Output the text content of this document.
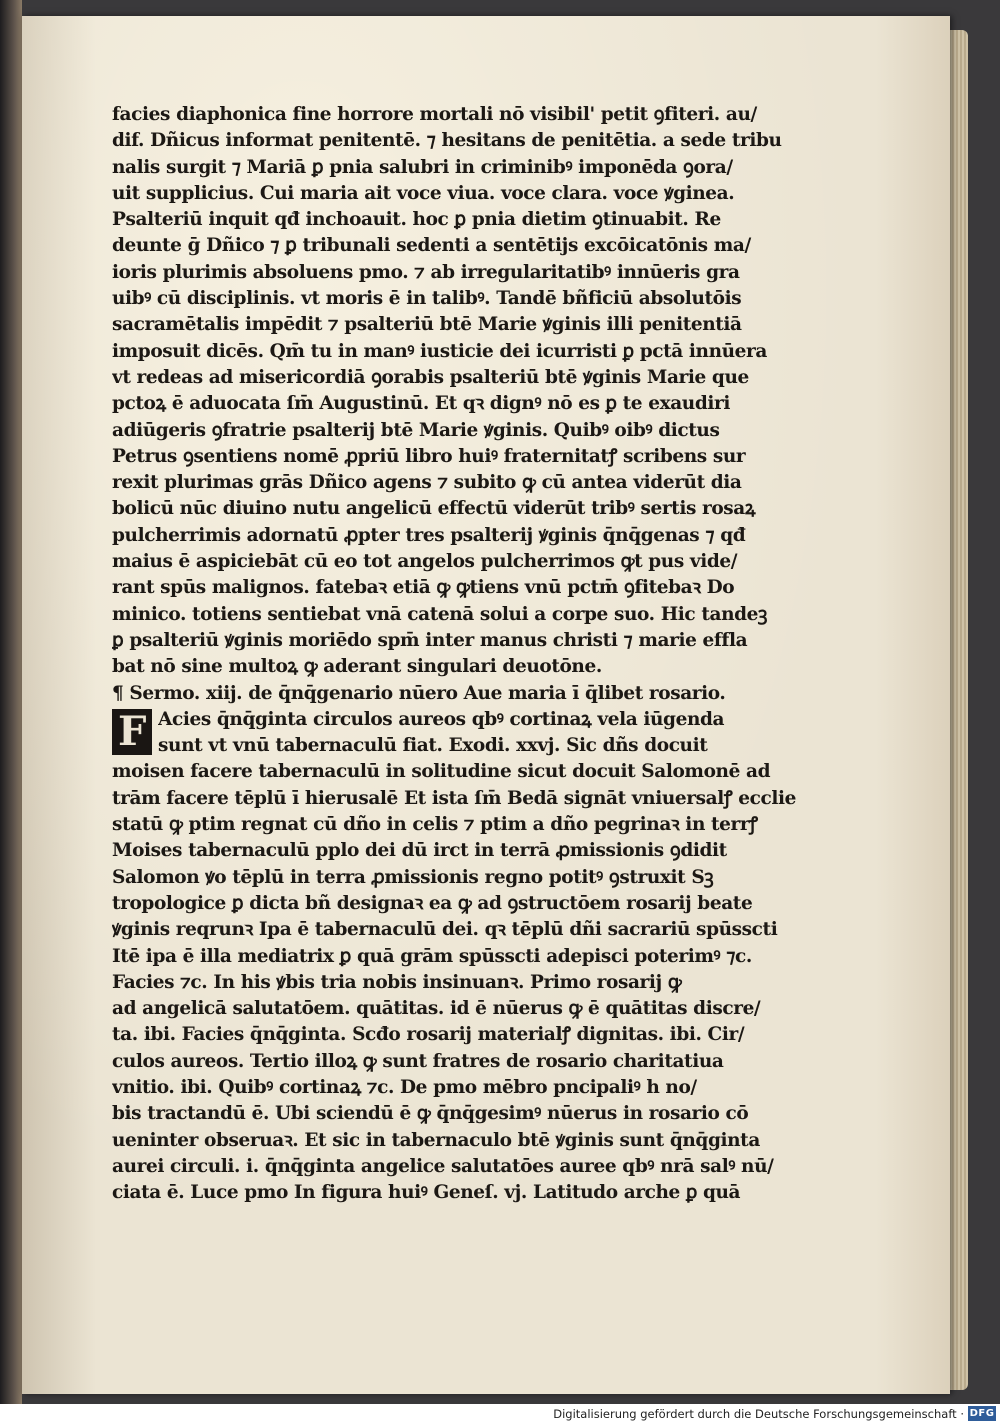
facies diaphonica fine horrore mortali nō visibil' petit ꝯfiteri. au/
dif. Dñicus informat penitentē. ⁊ hesitans de penitētia. a sede tribu
nalis surgit ⁊ Mariā ꝑ pnia salubri in criminibꝰ imponēda ꝯora/
uit supplicius. Cui maria ait voce viua. voce clara. voce ꝟginea.
Psalteriū inquit qđ inchoauit. hoc ꝑ pnia dietim ꝯtinuabit. Re
deunte ḡ Dñico ⁊ ꝑ tribunali sedenti a sentētijs excōicatōnis ma/
ioris plurimis absoluens pmo. ⁊ ab irregularitatibꝰ innūeris gra
uibꝰ cū disciplinis. vt moris ē in talibꝰ. Tandē bñficiū absolutōis
sacramētalis impēdit ⁊ psalteriū btē Marie ꝟginis illi penitentiā
imposuit dicēs. Qm̄ tu in manꝰ iusticie dei icurristi ꝑ pctā innūera
vt redeas ad misericordiā ꝯorabis psalteriū btē ꝟginis Marie que
pctoꝝ ē aduocata ſm̄ Augustinū. Et qꝛ dignꝰ nō es ꝑ te exaudiri
adiūgeris ꝯfratrie psalterij btē Marie ꝟginis. Quibꝰ oibꝰ dictus
Petrus ꝯsentiens nomē ꝓpriū libro huiꝰ fraternitatꝭ scribens sur
rexit plurimas grās Dñico agens ⁊ subito ꝙ cū antea viderūt dia
bolicū nūc diuino nutu angelicū effectū viderūt tribꝰ sertis rosaꝝ
pulcherrimis adornatū ꝓpter tres psalterij ꝟginis q̄nq̄genas ⁊ qđ
maius ē aspiciebāt cū eo tot angelos pulcherrimos ꝙt pus vide/
rant spūs malignos. fatebaꝛ etiā ꝙ ꝙtiens vnū pctm̄ ꝯfitebaꝛ Do
minico. totiens sentiebat vnā catenā solui a corpe suo. Hic tandeꝫ
ꝑ psalteriū ꝟginis moriēdo spm̄ inter manus christi ⁊ marie efflа
bat nō sine multoꝝ ꝙ aderant singulari deuotōne.
¶ Sermo. xiij. de q̄nq̄genario nūero Aue maria ī q̄libet rosario.
F Acies q̄nq̄ginta circulos aureos qbꝰ cortinaꝝ vela iūgenda
sunt vt vnū tabernaculū fiat. Exodi. xxvj. Sic dñs docuit
moisen facere tabernaculū in solitudine sicut docuit Salomonē ad
trām facere tēplū ī hierusalē Et ista ſm̄ Bedā signāt vniuersalꝭ ecclie
statū ꝙ ptim regnat cū dño in celis ⁊ ptim a dño pegrinaꝛ in terrꝭ
Moises tabernaculū pplo dei dū irct in terrā ꝓmissionis ꝯdidit
Salomon ꝟo tēplū in terra ꝓmissionis regno potitꝰ ꝯstruxit Sꝫ
tropologice ꝑ dicta bñ designaꝛ ea ꝙ ad ꝯstructōem rosarij beate
ꝟginis reqrunꝛ Ipa ē tabernaculū dei. qꝛ tēplū dñi sacrariū spūsscti
Itē ipa ē illa mediatrix ꝑ quā grām spūsscti adepisci poterimꝰ ⁊c.
Facies ⁊c. In his ꝟbis tria nobis insinuanꝛ. Primo rosarij ꝙ
ad angelicā salutatōem. quātitas. id ē nūerus ꝙ ē quātitas discre/
ta. ibi. Facies q̄nq̄ginta. Scđo rosarij materialꝭ dignitas. ibi. Cir/
culos aureos. Tertio illoꝝ ꝙ sunt fratres de rosario charitatiua
vnitio. ibi. Quibꝰ cortinaꝝ ⁊c. De pmo mēbro pncipaliꝰ h no/
bis tractandū ē. Ubi sciendū ē ꝙ q̄nq̄gesimꝰ nūerus in rosario cō
ueninter obseruaꝛ. Et sic in tabernaculo btē ꝟginis sunt q̄nq̄ginta
aurei circuli. i. q̄nq̄ginta angelice salutatōes aureе qbꝰ nrā salꝰ nū/
ciata ē. Luce pmo In figura huiꝰ Geneſ. vj. Latitudo arche ꝑ quā
Digitalisierung gefördert durch die Deutsche Forschungsgemeinschaft · DFG
